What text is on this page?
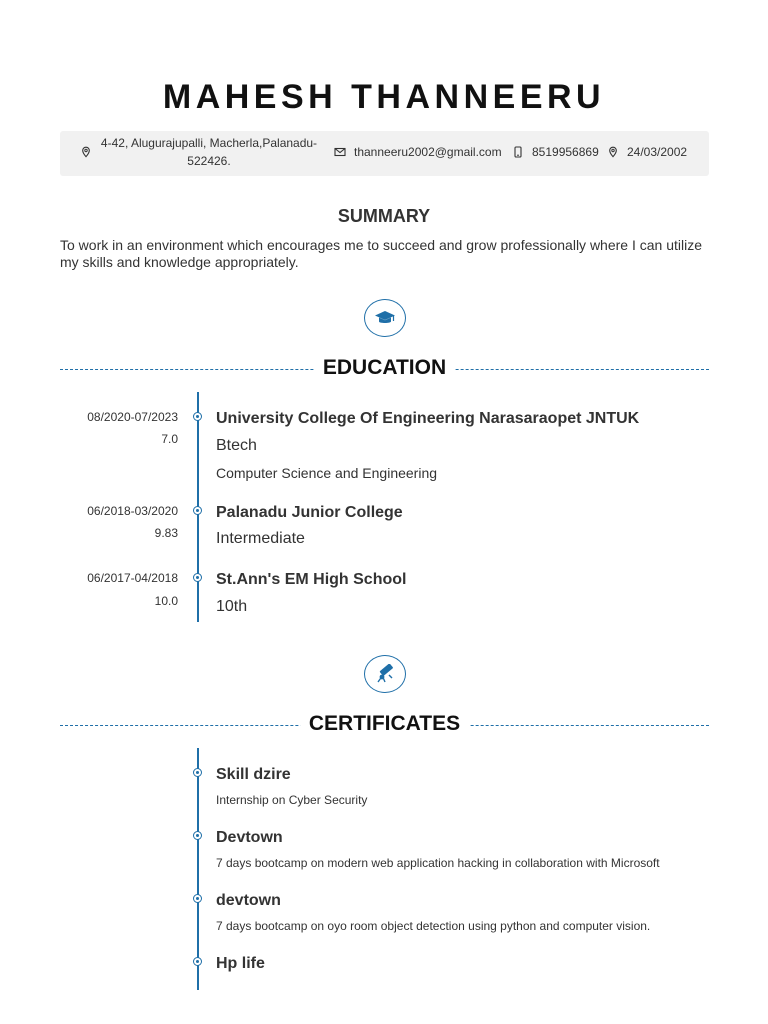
MAHESH THANNEERU
4-42, Alugurajupalli, Macherla,Palanadu-
522426.
thanneeru2002@gmail.com	8519956869 24/03/2002
SUMMARY
To work in an environment which encourages me to succeed and grow professionally where I can utilize my skills and knowledge appropriately.
EDUCATION
08/2020-07/2023
7.0
University College Of Engineering Narasaraopet JNTUK
Btech
Computer Science and Engineering
06/2018-03/2020
9.83
Palanadu Junior College
Intermediate
06/2017-04/2018
10.0
St.Ann's EM High School
10th
CERTIFICATES
Skill dzire
Internship on Cyber Security
Devtown
7 days bootcamp on modern web application hacking in collaboration with Microsoft
devtown
7 days bootcamp on oyo room object detection using python and computer vision.
Hp life
